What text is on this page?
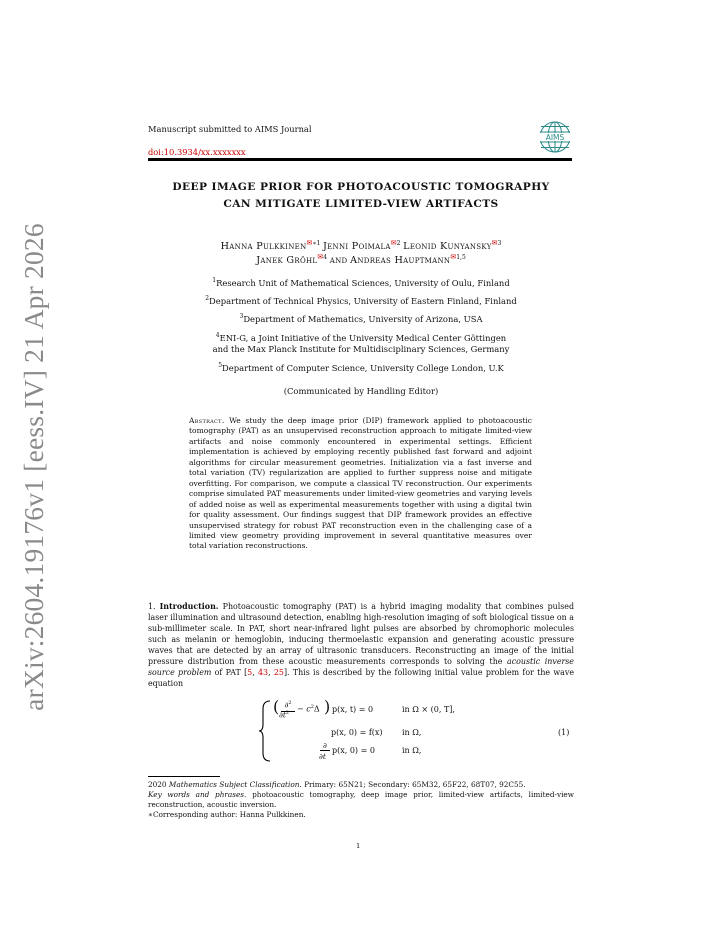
arXiv:2604.19176v1 [eess.IV] 21 Apr 2026
Manuscript submitted to AIMS Journal
doi:10.3934/xx.xxxxxxx
AIMS
DEEP IMAGE PRIOR FOR PHOTOACOUSTIC TOMOGRAPHY
CAN MITIGATE LIMITED-VIEW ARTIFACTS
Hanna Pulkkinen$^{✉∗1}$ Jenni Poimala$^{✉2}$ Leonid Kunyansky$^{✉3}$
Janek Gröhl$^{✉4}$ and Andreas Hauptmann$^{✉1,5}$
$^1$Research Unit of Mathematical Sciences, University of Oulu, Finland
$^2$Department of Technical Physics, University of Eastern Finland, Finland
$^3$Department of Mathematics, University of Arizona, USA
$^4$ENI-G, a Joint Initiative of the University Medical Center Göttingen
and the Max Planck Institute for Multidisciplinary Sciences, Germany
$^5$Department of Computer Science, University College London, U.K
(Communicated by Handling Editor)
Abstract. We study the deep image prior (DIP) framework applied to photoacoustic tomography (PAT) as an unsupervised reconstruction approach to mitigate limited-view artifacts and noise commonly encountered in experimental settings. Efficient implementation is achieved by employing recently published fast forward and adjoint algorithms for circular measurement geometries. Initialization via a fast inverse and total variation (TV) regularization are applied to further suppress noise and mitigate overfitting. For comparison, we compute a classical TV reconstruction. Our experiments comprise simulated PAT measurements under limited-view geometries and varying levels of added noise as well as experimental measurements together with using a digital twin for quality assessment. Our findings suggest that DIP framework provides an effective unsupervised strategy for robust PAT reconstruction even in the challenging case of a limited view geometry providing improvement in several quantitative measures over total variation reconstructions.
1. Introduction. Photoacoustic tomography (PAT) is a hybrid imaging modality that combines pulsed laser illumination and ultrasound detection, enabling high-resolution imaging of soft biological tissue on a sub-millimeter scale. In PAT, short near-infrared light pulses are absorbed by chromophoric molecules such as melanin or hemoglobin, inducing thermoelastic expansion and generating acoustic pressure waves that are detected by an array of ultrasonic transducers. Reconstructing an image of the initial pressure distribution from these acoustic measurements corresponds to solving the acoustic inverse source problem of PAT [5, 43, 25]. This is described by the following initial value problem for the wave equation
( ∂$^2$
$\partial t^2 - c^2\Delta$ ) p(x, t) = 0	in Ω × (0, T],
p(x, 0) = f(x) in Ω,
∂
∂t
p(x, 0) = 0	in Ω,
(1)
2020 Mathematics Subject Classification. Primary: 65N21; Secondary: 65M32, 65F22, 68T07, 92C55.
Key words and phrases. photoacoustic tomography, deep image prior, limited-view artifacts, limited-view reconstruction, acoustic inversion.
∗Corresponding author: Hanna Pulkkinen.
1
